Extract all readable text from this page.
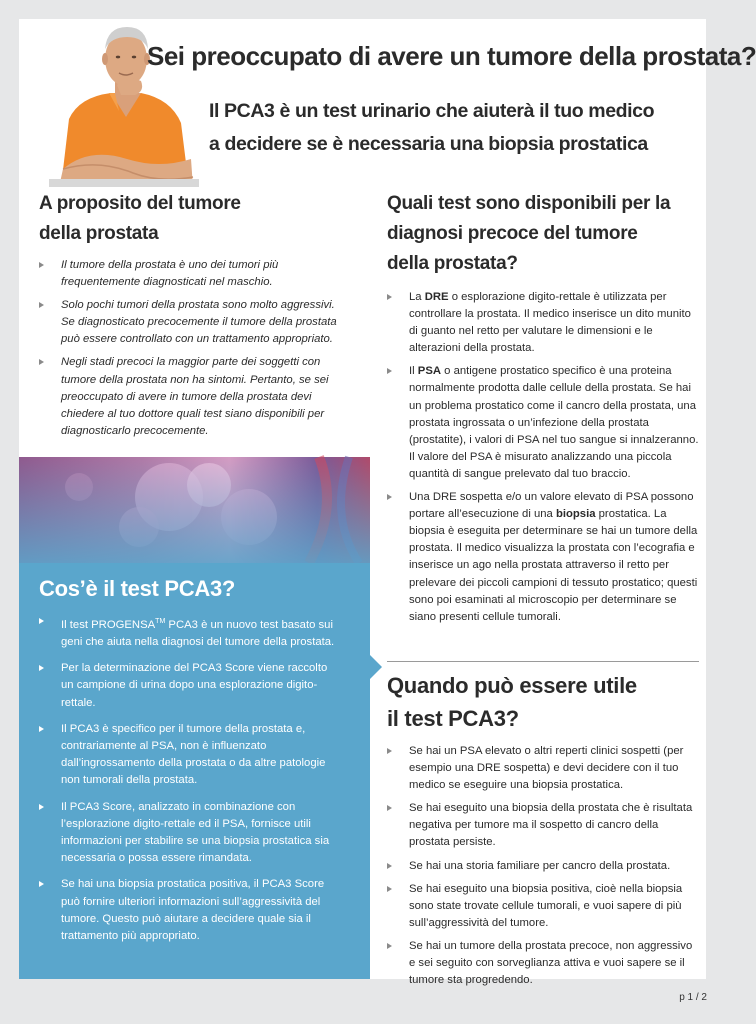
Sei preoccupato di avere un tumore della prostata?
Il PCA3 è un test urinario che aiuterà il tuo medico
a decidere se è necessaria una biopsia prostatica
A proposito del tumore della prostata
Il tumore della prostata è uno dei tumori più frequentemente diagnosticati nel maschio.
Solo pochi tumori della prostata sono molto aggressivi. Se diagnosticato precocemente il tumore della prostata può essere controllato con un trattamento appropriato.
Negli stadi precoci la maggior parte dei soggetti con tumore della prostata non ha sintomi. Pertanto, se sei preoccupato di avere in tumore della prostata devi chiedere al tuo dottore quali test siano disponibili per diagnosticarlo precocemente.
Cos’è il test PCA3?
Il test PROGENSA™ PCA3 è un nuovo test basato sui geni che aiuta nella diagnosi del tumore della prostata.
Per la determinazione del PCA3 Score viene raccolto un campione di urina dopo una esplorazione digito-rettale.
Il PCA3 è specifico per il tumore della prostata e, contrariamente al PSA, non è influenzato dall’ingrossamento della prostata o da altre patologie non tumorali della prostata.
Il PCA3 Score, analizzato in combinazione con l’esplorazione digito-rettale ed il PSA, fornisce utili informazioni per stabilire se una biopsia prostatica sia necessaria o possa essere rimandata.
Se hai una biopsia prostatica positiva, il PCA3 Score può fornire ulteriori informazioni sull’aggressività del tumore. Questo può aiutare a decidere quale sia il trattamento più appropriato.
Quali test sono disponibili per la diagnosi precoce del tumore della prostata?
La DRE o esplorazione digito-rettale è utilizzata per controllare la prostata. Il medico inserisce un dito munito di guanto nel retto per valutare le dimensioni e le alterazioni della prostata.
Il PSA o antigene prostatico specifico è una proteina normalmente prodotta dalle cellule della prostata. Se hai un problema prostatico come il cancro della prostata, una prostata ingrossata o un’infezione della prostata (prostatite), i valori di PSA nel tuo sangue si innalzeranno. Il valore del PSA è misurato analizzando una piccola quantità di sangue prelevato dal tuo braccio.
Una DRE sospetta e/o un valore elevato di PSA possono portare all’esecuzione di una biopsia prostatica. La biopsia è eseguita per determinare se hai un tumore della prostata. Il medico visualizza la prostata con l’ecografia e inserisce un ago nella prostata attraverso il retto per prelevare dei piccoli campioni di tessuto prostatico; questi sono poi esaminati al microscopio per determinare se siano presenti cellule tumorali.
Quando può essere utile il test PCA3?
Se hai un PSA elevato o altri reperti clinici sospetti (per esempio una DRE sospetta) e devi decidere con il tuo medico se eseguire una biopsia prostatica.
Se hai eseguito una biopsia della prostata che è risultata negativa per tumore ma il sospetto di cancro della prostata persiste.
Se hai una storia familiare per cancro della prostata.
Se hai eseguito una biopsia positiva, cioè nella biopsia sono state trovate cellule tumorali, e vuoi sapere di più sull’aggressività del tumore.
Se hai un tumore della prostata precoce, non aggressivo e sei seguito con sorveglianza attiva e vuoi sapere se il tumore sta progredendo.
p 1 / 2
